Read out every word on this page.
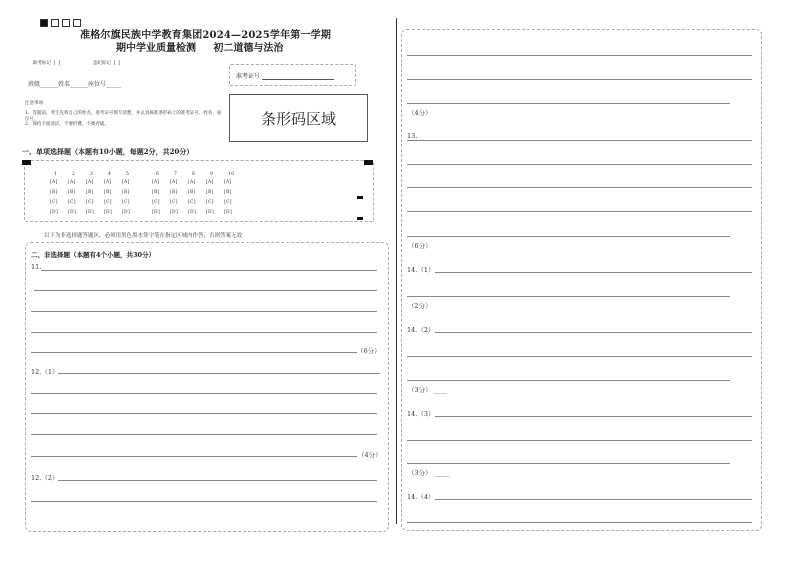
准格尔旗民族中学教育集团2024—2025学年第一学期
期中学业质量检测     初二道德与法治
缺考标记  [  ]	违纪标记  [  ]
准考证号
班级______姓名______座位号_____
注意事项：
1、答题前，考生先将自己的姓名、准考证号填写清楚，并认真核准条形码上的准考证号、姓名、座位号。
2、保持卡面清洁，不要折叠、不要弄破。	条形码区域
一、单项选择题（本题有10小题，每题2分，共20分）
1
[A]
[B]
[C]
[D]
2
[A]
[B]
[C]
[D]
3
[A]
[B]
[C]
[D]
4
[A]
[B]
[C]
[D]
5
[A]
[B]
[C]
[D]
6
[A]
[B]
[C]
[D]
7
[A]
[B]
[C]
[D]
8
[A]
[B]
[C]
[D]
9
[A]
[B]
[C]
[D]
10
[A]
[B]
[C]
[D]
以下为非选择题答题区，必须用黑色墨水签字笔在指定区域内作答，否则答案无效
二、非选择题（本题有4个小题，共30分）
11.
（6分）
12.（1）
（4分）
12.（2）
（4分）
13.
（6分）
14.（1）
（2分）
14.（2）
（3分） ____
14.（3）
（3分） _____
14.（4）
